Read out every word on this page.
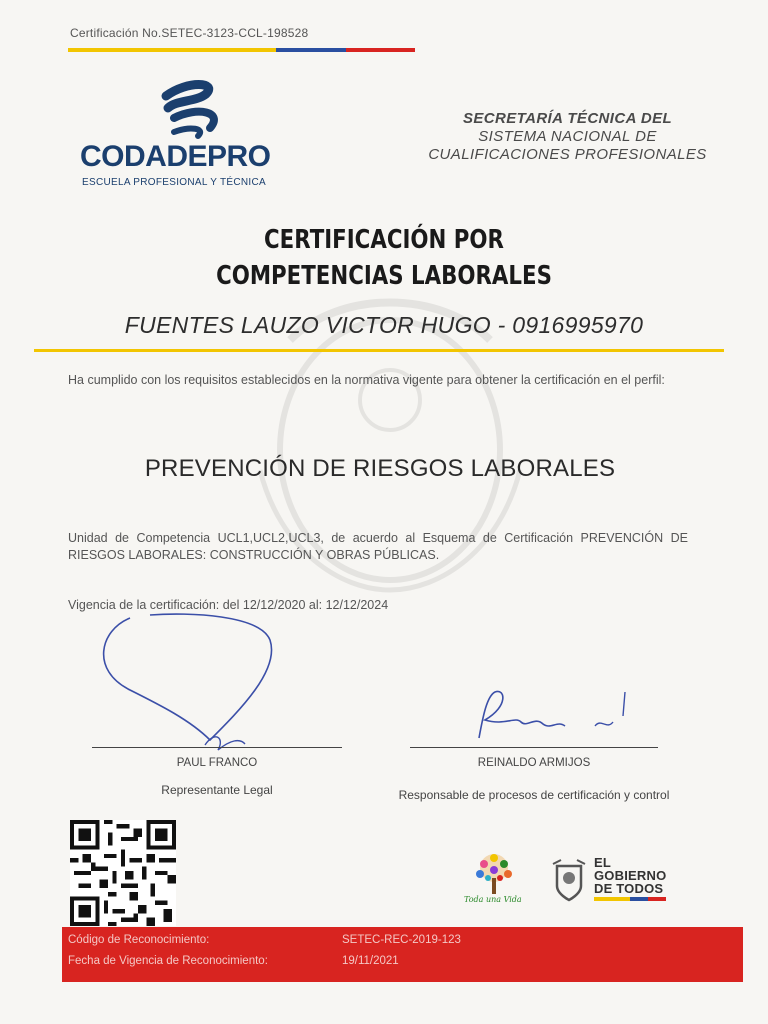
Certificación No.SETEC-3123-CCL-198528
CODADEPRO
ESCUELA PROFESIONAL Y TÉCNICA
SECRETARÍA TÉCNICA DEL
SISTEMA NACIONAL DE
CUALIFICACIONES PROFESIONALES
CERTIFICACIÓN POR
COMPETENCIAS LABORALES
FUENTES LAUZO VICTOR HUGO - 0916995970
Ha cumplido con los requisitos establecidos en la normativa vigente para obtener la certificación en el perfil:
PREVENCIÓN DE RIESGOS LABORALES
Unidad de Competencia UCL1,UCL2,UCL3, de acuerdo al Esquema de Certificación PREVENCIÓN DE RIESGOS LABORALES: CONSTRUCCIÓN Y OBRAS PÚBLICAS.
Vigencia de la certificación: del 12/12/2020 al: 12/12/2024
PAUL FRANCO	REINALDO ARMIJOS
Representante Legal	Responsable de procesos de certificación y control
Toda una Vida
EL
GOBIERNO
DE TODOS
Código de Reconocimiento:	SETEC-REC-2019-123
Fecha de Vigencia de Reconocimiento:	19/11/2021
